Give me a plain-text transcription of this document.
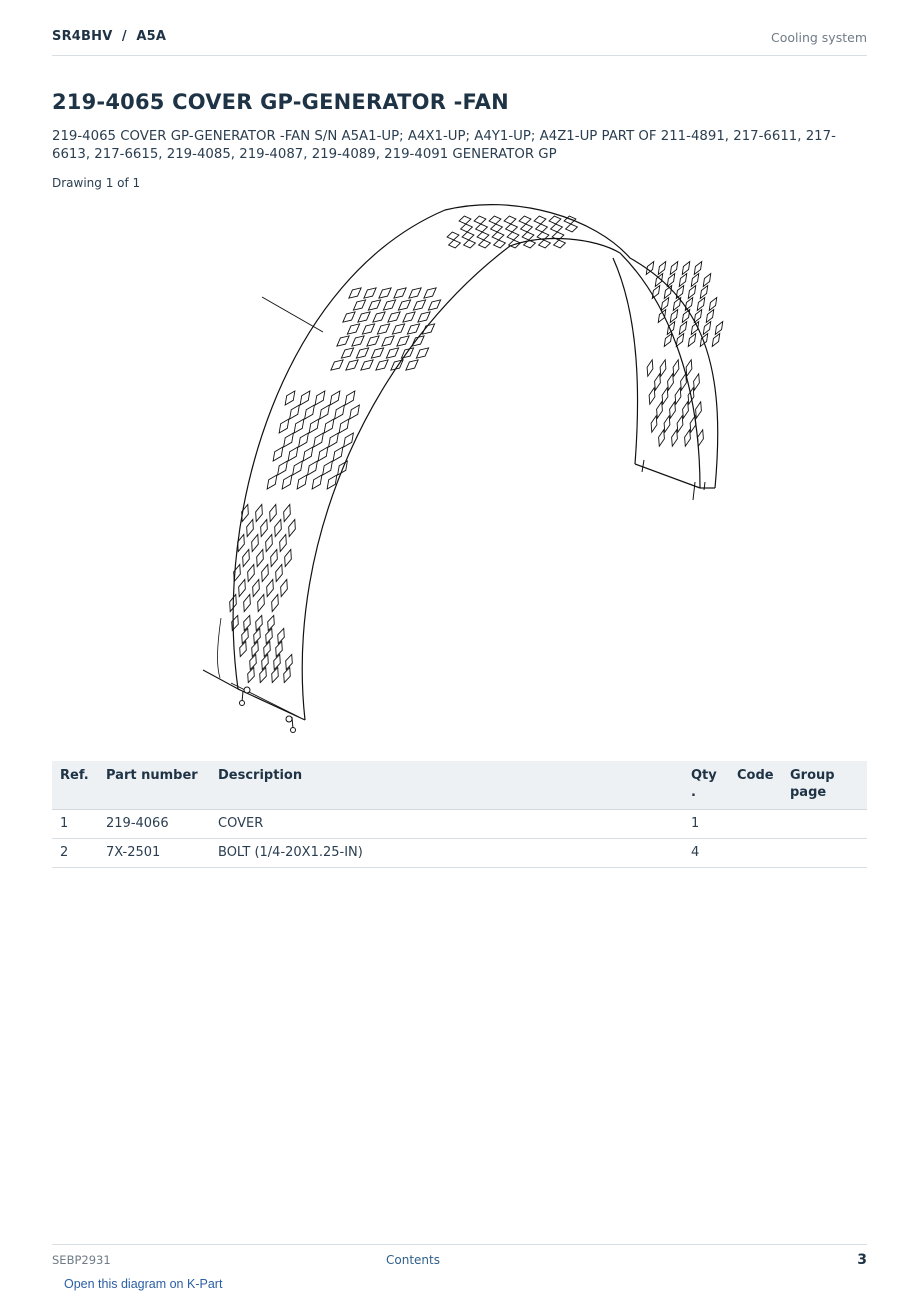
SR4BHV  /  A5A	Cooling system
219-4065 COVER GP-GENERATOR -FAN

219-4065 COVER GP-GENERATOR -FAN S/N A5A1-UP; A4X1-UP; A4Y1-UP; A4Z1-UP PART OF 211-4891, 217-6611, 217-6613, 217-6615, 219-4085, 219-4087, 219-4089, 219-4091 GENERATOR GP

Drawing 1 of 1
Ref.	Part number	Description	Qty .	Code	Group page
1	219-4066	COVER	1		
2	7X-2501	BOLT (1/4-20X1.25-IN)	4		
SEBP2931	Contents	3
Open this diagram on K-Part
